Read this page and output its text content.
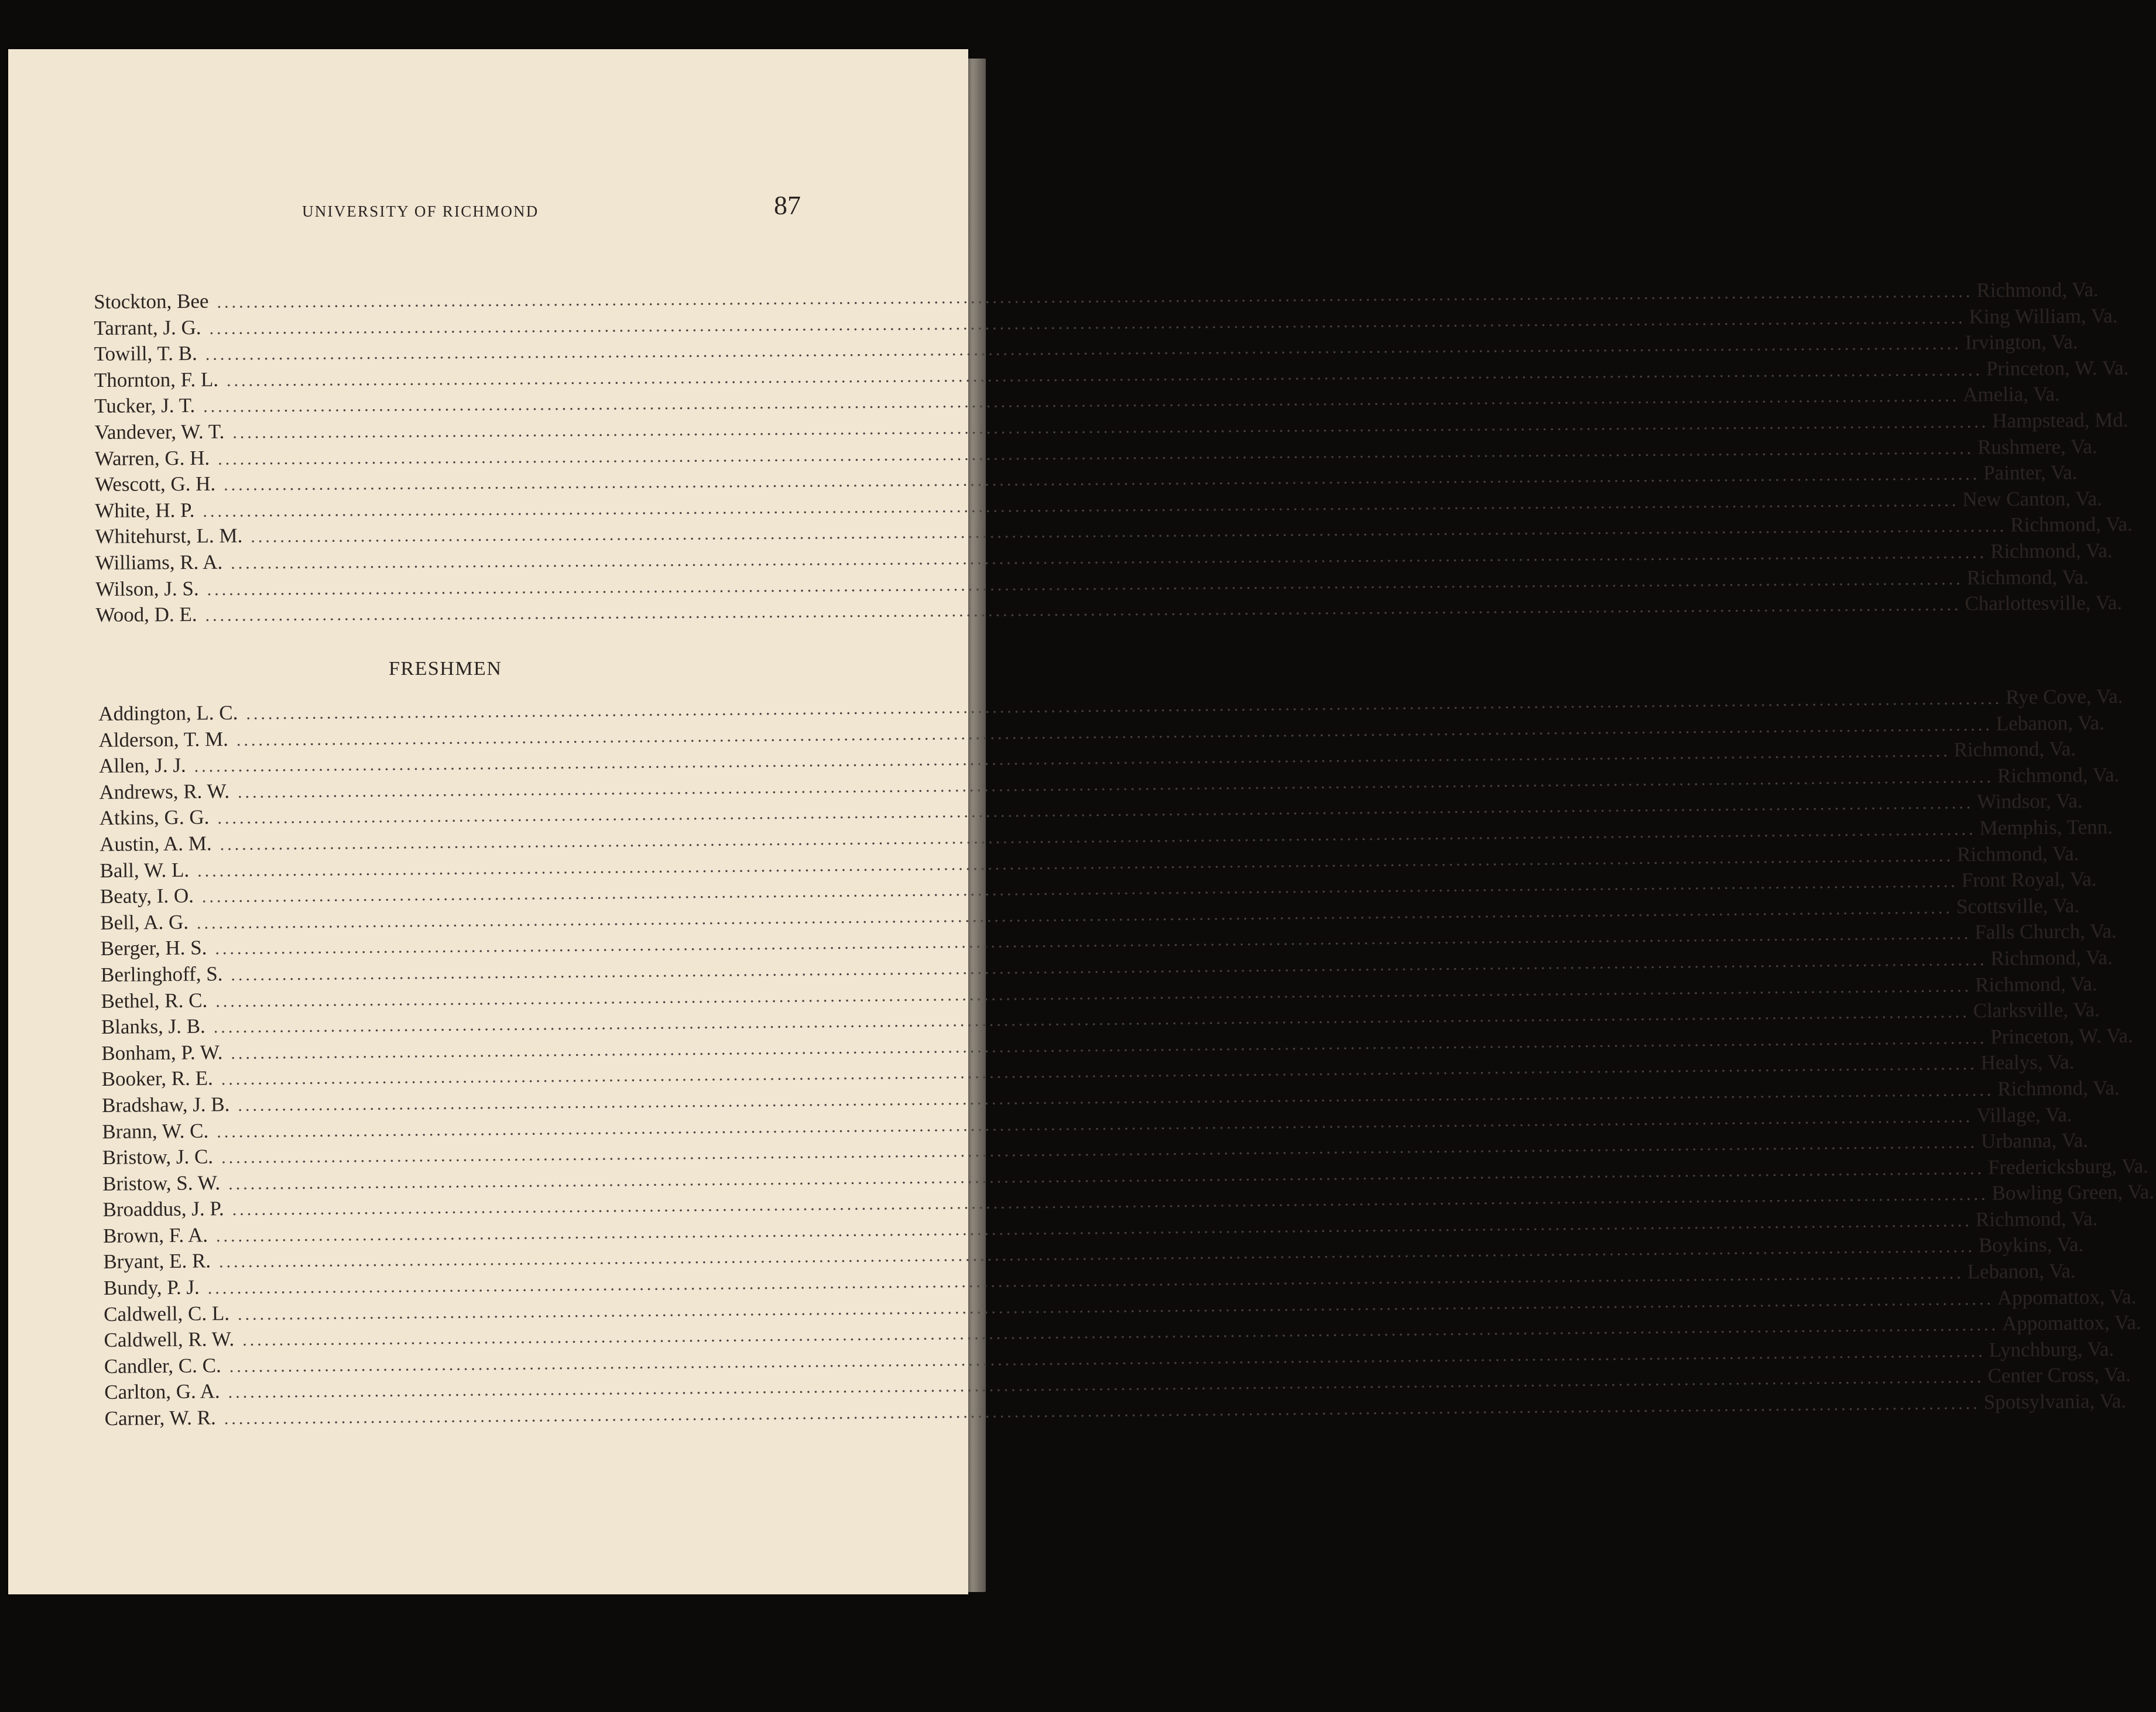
UNIVERSITY OF RICHMOND	87
Stockton, Bee ................................................................................................................................................................................................................................................ Richmond, Va.
Tarrant, J. G. ................................................................................................................................................................................................................................................ King William, Va.
Towill, T. B. ................................................................................................................................................................................................................................................ Irvington, Va.
Thornton, F. L. ................................................................................................................................................................................................................................................ Princeton, W. Va.
Tucker, J. T. ................................................................................................................................................................................................................................................ Amelia, Va.
Vandever, W. T. ................................................................................................................................................................................................................................................ Hampstead, Md.
Warren, G. H. ................................................................................................................................................................................................................................................ Rushmere, Va.
Wescott, G. H. ................................................................................................................................................................................................................................................ Painter, Va.
White, H. P. ................................................................................................................................................................................................................................................ New Canton, Va.
Whitehurst, L. M. ................................................................................................................................................................................................................................................ Richmond, Va.
Williams, R. A. ................................................................................................................................................................................................................................................ Richmond, Va.
Wilson, J. S. ................................................................................................................................................................................................................................................ Richmond, Va.
Wood, D. E. ................................................................................................................................................................................................................................................ Charlottesville, Va.
FRESHMEN
Addington, L. C. ................................................................................................................................................................................................................................................ Rye Cove, Va.
Alderson, T. M. ................................................................................................................................................................................................................................................ Lebanon, Va.
Allen, J. J. ................................................................................................................................................................................................................................................ Richmond, Va.
Andrews, R. W. ................................................................................................................................................................................................................................................ Richmond, Va.
Atkins, G. G. ................................................................................................................................................................................................................................................ Windsor, Va.
Austin, A. M. ................................................................................................................................................................................................................................................ Memphis, Tenn.
Ball, W. L. ................................................................................................................................................................................................................................................ Richmond, Va.
Beaty, I. O. ................................................................................................................................................................................................................................................ Front Royal, Va.
Bell, A. G. ................................................................................................................................................................................................................................................ Scottsville, Va.
Berger, H. S. ................................................................................................................................................................................................................................................ Falls Church, Va.
Berlinghoff, S. ................................................................................................................................................................................................................................................ Richmond, Va.
Bethel, R. C. ................................................................................................................................................................................................................................................ Richmond, Va.
Blanks, J. B. ................................................................................................................................................................................................................................................ Clarksville, Va.
Bonham, P. W. ................................................................................................................................................................................................................................................ Princeton, W. Va.
Booker, R. E. ................................................................................................................................................................................................................................................ Healys, Va.
Bradshaw, J. B. ................................................................................................................................................................................................................................................ Richmond, Va.
Brann, W. C. ................................................................................................................................................................................................................................................ Village, Va.
Bristow, J. C. ................................................................................................................................................................................................................................................ Urbanna, Va.
Bristow, S. W. ................................................................................................................................................................................................................................................ Fredericksburg, Va.
Broaddus, J. P. ................................................................................................................................................................................................................................................ Bowling Green, Va.
Brown, F. A. ................................................................................................................................................................................................................................................ Richmond, Va.
Bryant, E. R. ................................................................................................................................................................................................................................................ Boykins, Va.
Bundy, P. J. ................................................................................................................................................................................................................................................ Lebanon, Va.
Caldwell, C. L. ................................................................................................................................................................................................................................................ Appomattox, Va.
Caldwell, R. W. ................................................................................................................................................................................................................................................ Appomattox, Va.
Candler, C. C. ................................................................................................................................................................................................................................................ Lynchburg, Va.
Carlton, G. A. ................................................................................................................................................................................................................................................ Center Cross, Va.
Carner, W. R. ................................................................................................................................................................................................................................................ Spotsylvania, Va.
